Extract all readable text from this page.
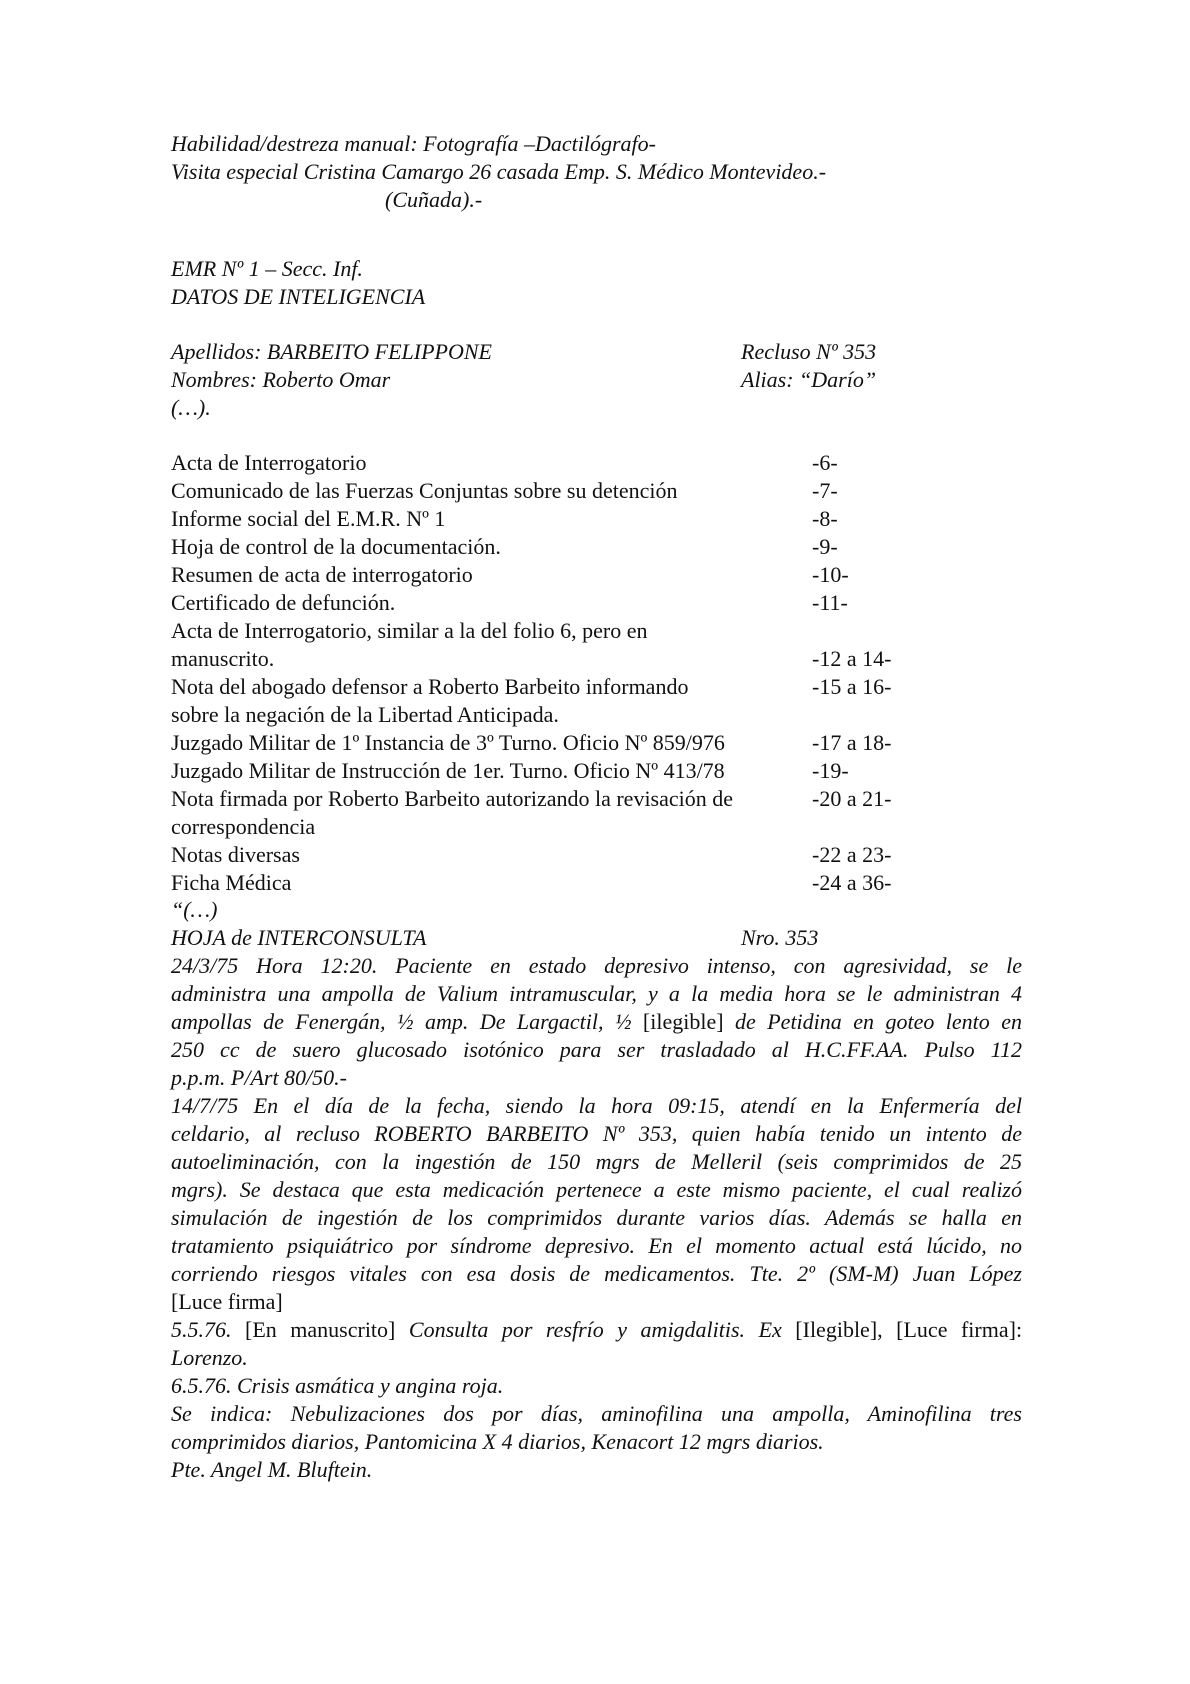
Habilidad/destreza manual: Fotografía –Dactilógrafo-
Visita especial Cristina Camargo 26 casada Emp. S. Médico Montevideo.-
(Cuñada).-
EMR Nº 1 – Secc. Inf.
DATOS DE INTELIGENCIA
Apellidos: BARBEITO FELIPPONE	Recluso Nº 353
Nombres: Roberto Omar	Alias: “Darío”
(…).
Acta de Interrogatorio	-6-
Comunicado de las Fuerzas Conjuntas sobre su detención	-7-
Informe social del E.M.R. Nº 1	-8-
Hoja de control de la documentación.	-9-
Resumen de acta de interrogatorio	-10-
Certificado de defunción.	-11-
Acta de Interrogatorio, similar a la del folio 6, pero en
manuscrito.	-12 a 14-
Nota del abogado defensor a Roberto Barbeito informando	-15 a 16-
sobre la negación de la Libertad Anticipada.
Juzgado Militar de 1º Instancia de 3º Turno. Oficio Nº 859/976	-17 a 18-
Juzgado Militar de Instrucción de 1er. Turno. Oficio Nº 413/78	-19-
Nota firmada por Roberto Barbeito autorizando la revisación de	-20 a 21-
correspondencia
Notas diversas	-22 a 23-
Ficha Médica	-24 a 36-
“(…)
HOJA de INTERCONSULTA	Nro. 353
24/3/75 Hora 12:20. Paciente en estado depresivo intenso, con agresividad, se le
administra una ampolla de Valium intramuscular, y a la media hora se le administran 4
ampollas de Fenergán, ½ amp. De Largactil, ½ [ilegible] de Petidina en goteo lento en
250 cc de suero glucosado isotónico para ser trasladado al H.C.FF.AA. Pulso 112
p.p.m. P/Art 80/50.-
14/7/75 En el día de la fecha, siendo la hora 09:15, atendí en la Enfermería del
celdario, al recluso ROBERTO BARBEITO Nº 353, quien había tenido un intento de
autoeliminación, con la ingestión de 150 mgrs de Melleril (seis comprimidos de 25
mgrs). Se destaca que esta medicación pertenece a este mismo paciente, el cual realizó
simulación de ingestión de los comprimidos durante varios días. Además se halla en
tratamiento psiquiátrico por síndrome depresivo. En el momento actual está lúcido, no
corriendo riesgos vitales con esa dosis de medicamentos. Tte. 2º (SM-M) Juan López
[Luce firma]
5.5.76. [En manuscrito] Consulta por resfrío y amigdalitis. Ex [Ilegible], [Luce firma]:
Lorenzo.
6.5.76. Crisis asmática y angina roja.
Se indica: Nebulizaciones dos por días, aminofilina una ampolla, Aminofilina tres
comprimidos diarios, Pantomicina X 4 diarios, Kenacort 12 mgrs diarios.
Pte. Angel M. Bluftein.
